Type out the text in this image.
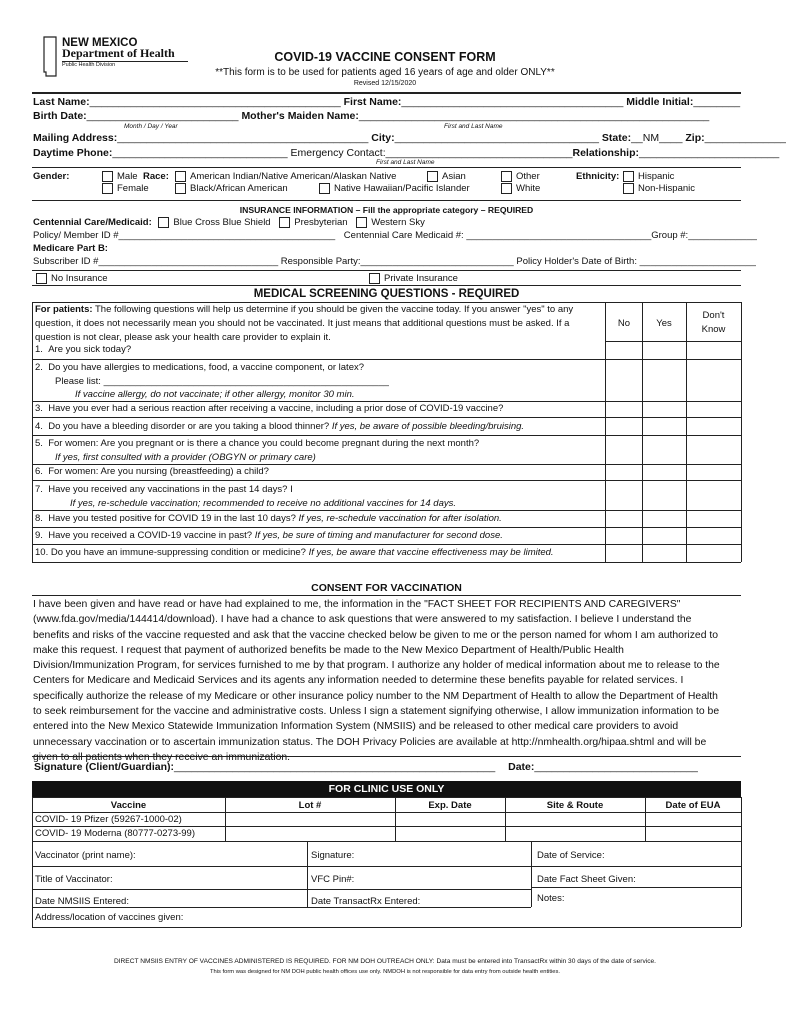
NEW MEXICO
Department of Health
Public Health Division
COVID-19 VACCINE CONSENT FORM
**This form is to be used for patients aged 16 years of age and older ONLY**
Revised 12/15/2020
Last Name:___________________________________________ First Name:______________________________________ Middle Initial:________
Birth Date:__________________________ Mother's Maiden Name:____________________________________________________________
Month / Day / Year	First and Last Name
Mailing Address:___________________________________________ City:___________________________________ State:__NM____ Zip:______________
Daytime Phone:______________________________ Emergency Contact:________________________________Relationship:________________________
First and Last Name
Gender:	Male
Female
Race:	American Indian/Native American/Alaskan Native
Black/African American
Asian
Native Hawaiian/Pacific Islander
Other
White
Ethnicity:	Hispanic
Non-Hispanic
INSURANCE INFORMATION – Fill the appropriate category – REQUIRED
Centennial Care/Medicaid: Blue Cross Blue Shield Presbyterian Western Sky
Policy/ Member ID #_________________________________________ Centennial Care Medicaid #: ___________________________________Group #:_____________
Medicare Part B:
Subscriber ID #__________________________________ Responsible Party:_____________________________ Policy Holder's Date of Birth: ______________________
No Insurance	Private Insurance
MEDICAL SCREENING QUESTIONS - REQUIRED
For patients: The following questions will help us determine if you should be given the vaccine today. If you answer "yes" to any
question, it does not necessarily mean you should not be vaccinated. It just means that additional questions must be asked. If a
question is not clear, please ask your health care provider to explain it.
No	Yes
Don't
Know
1. Are you sick today?
2. Do you have allergies to medications, food, a vaccine component, or latex?
Please list: ______________________________________________________
If vaccine allergy, do not vaccinate; if other allergy, monitor 30 min.
3. Have you ever had a serious reaction after receiving a vaccine, including a prior dose of COVID-19 vaccine?
4. Do you have a bleeding disorder or are you taking a blood thinner? If yes, be aware of possible bleeding/bruising.
5. For women: Are you pregnant or is there a chance you could become pregnant during the next month?
If yes, first consulted with a provider (OBGYN or primary care)
6. For women: Are you nursing (breastfeeding) a child?
7. Have you received any vaccinations in the past 14 days? I
If yes, re-schedule vaccination; recommended to receive no additional vaccines for 14 days.
8. Have you tested positive for COVID 19 in the last 10 days? If yes, re-schedule vaccination for after isolation.
9. Have you received a COVID-19 vaccine in past? If yes, be sure of timing and manufacturer for second dose.
10. Do you have an immune-suppressing condition or medicine? If yes, be aware that vaccine effectiveness may be limited.
CONSENT FOR VACCINATION
I have been given and have read or have had explained to me, the information in the "FACT SHEET FOR RECIPIENTS AND CAREGIVERS"
(www.fda.gov/media/144414/download). I have had a chance to ask questions that were answered to my satisfaction. I believe I understand the
benefits and risks of the vaccine requested and ask that the vaccine checked below be given to me or the person named for whom I am authorized to
make this request. I request that payment of authorized benefits be made to the New Mexico Department of Health/Public Health
Division/Immunization Program, for services furnished to me by that program. I authorize any holder of medical information about me to release to the
Centers for Medicare and Medicaid Services and its agents any information needed to determine these benefits payable for related services. I
specifically authorize the release of my Medicare or other insurance policy number to the NM Department of Health to allow the Department of Health
to seek reimbursement for the vaccine and administrative costs. Unless I sign a statement signifying otherwise, I allow immunization information to be
entered into the New Mexico Statewide Immunization Information System (NMSIIS) and be released to other medical care providers to avoid
unnecessary vaccination or to ascertain immunization status. The DOH Privacy Policies are available at http://nmhealth.org/hipaa.shtml and will be
given to all patients when they receive an immunization.
Signature (Client/Guardian):_______________________________________________________ Date:____________________________
FOR CLINIC USE ONLY
Vaccine	Lot #	Exp. Date	Site & Route	Date of EUA
COVID- 19 Pfizer (59267-1000-02)
COVID- 19 Moderna (80777-0273-99)
Vaccinator (print name):	Signature:	Date of Service:
Title of Vaccinator:	VFC Pin#:	Date Fact Sheet Given:
Date NMSIIS Entered:	Date TransactRx Entered:	Notes:
Address/location of vaccines given:
DIRECT NMSIIS ENTRY OF VACCINES ADMINISTERED IS REQUIRED. FOR NM DOH OUTREACH ONLY: Data must be entered into TransactRx within 30 days of the date of service.
This form was designed for NM DOH public health offices use only. NMDOH is not responsible for data entry from outside health entities.
